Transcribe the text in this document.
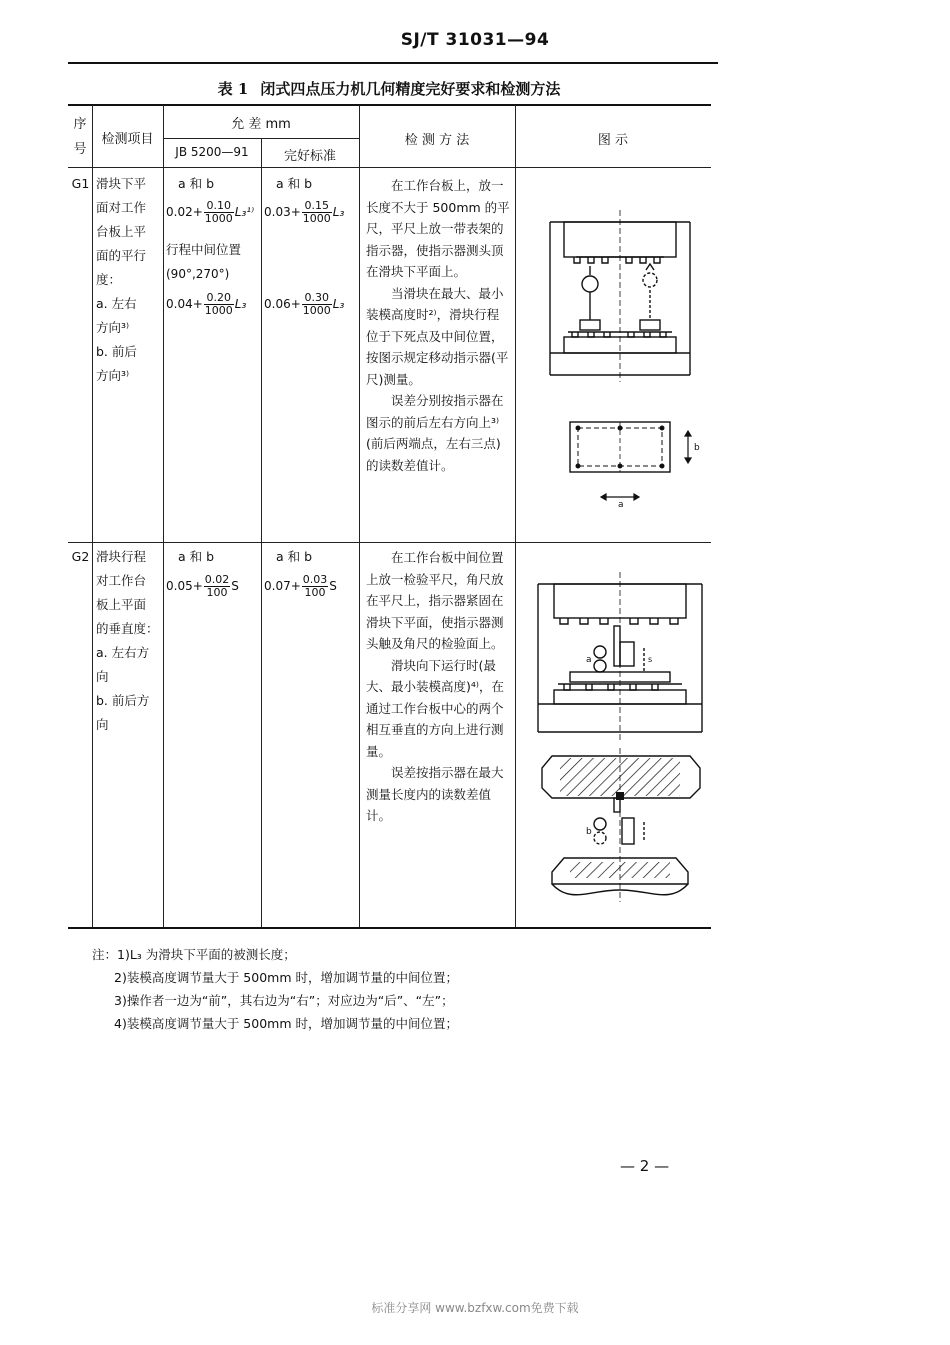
SJ/T 31031—94
表 1 闭式四点压力机几何精度完好要求和检测方法
序号
检测项目
允 差 mm
JB 5200—91	完好标准
检 测 方 法	图 示
G1 滑块下平
面对工作
台板上平
面的平行
度：
a. 左右
方向³⁾
b. 前后
方向³⁾
a 和 b
$0.02+ \frac{0.10}{1000} L_3^{1)}$
行程中间位置
(90°,270°)
$0.04+ \frac{0.20}{1000} L_3$
a 和 b
$0.03+ \frac{0.15}{1000} L_3$
$0.06+ \frac{0.30}{1000} L_3$

在工作台板上，放一长度不大于 500mm 的平尺，平尺上放一带表架的指示器，使指示器测头顶在滑块下平面上。

当滑块在最大、最小装模高度时²⁾，滑块行程位于下死点及中间位置，按图示规定移动指示器(平尺)测量。

误差分别按指示器在图示的前后左右方向上³⁾(前后两端点，左右三点)的读数差值计。

b
a
G2 滑块行程
对工作台
板上平面
的垂直度：
a. 左右方
向
b. 前后方
向
a 和 b
$0.05+ \frac{0.02}{100}$ S
a 和 b
$0.07+ \frac{0.03}{100}$ S

在工作台板中间位置上放一检验平尺，角尺放在平尺上，指示器紧固在滑块下平面，使指示器测头触及角尺的检验面上。

滑块向下运行时(最大、最小装模高度)⁴⁾，在通过工作台板中心的两个相互垂直的方向上进行测量。

误差按指示器在最大测量长度内的读数差值计。

a
b
s
注：1)L₃ 为滑块下平面的被测长度；
2)装模高度调节量大于 500mm 时，增加调节量的中间位置；
3)操作者一边为“前”，其右边为“右”；对应边为“后”、“左”；
4)装模高度调节量大于 500mm 时，增加调节量的中间位置；
— 2 —
标准分享网 www.bzfxw.com免费下载
